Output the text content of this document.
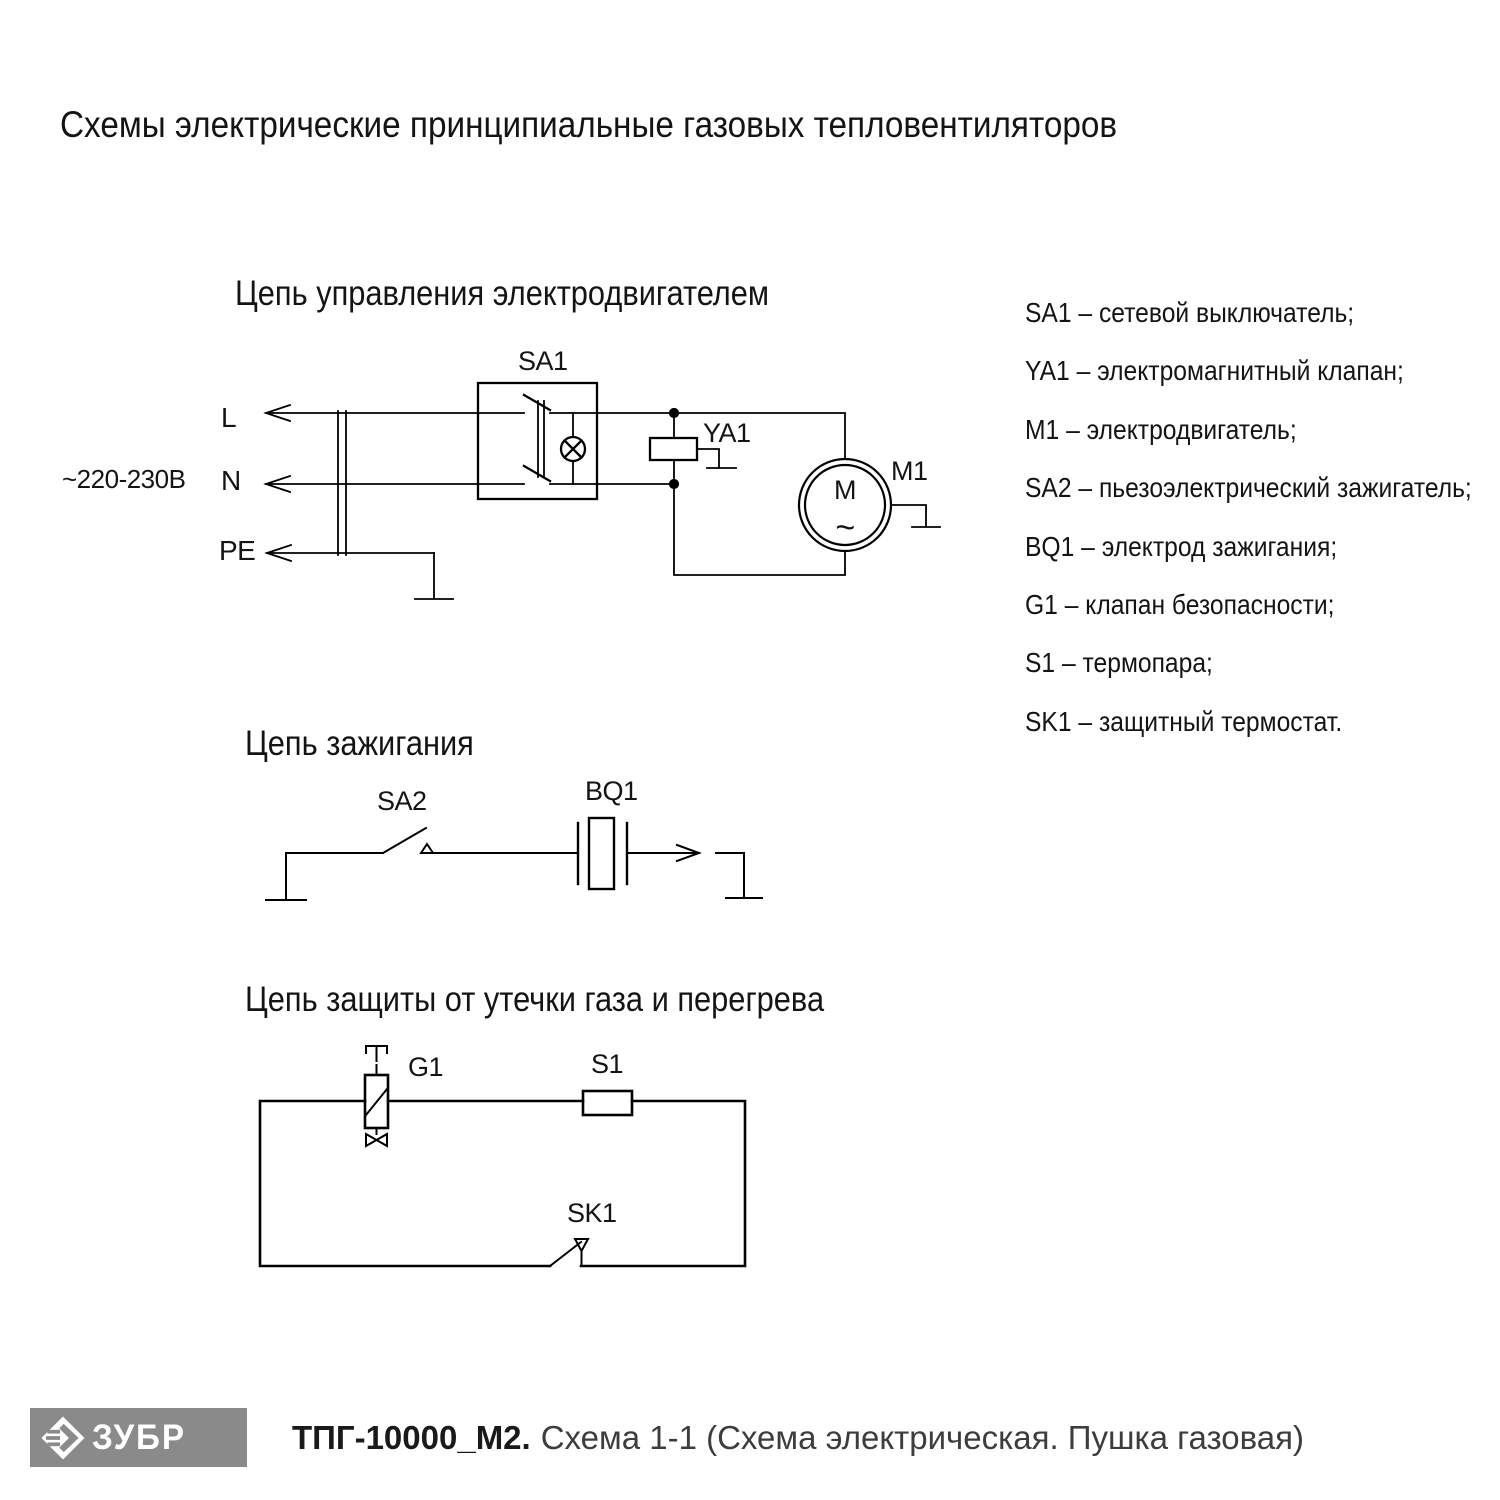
Схемы электрические принципиальные газовых тепловентиляторов
Цепь управления электродвигателем
Цепь зажигания
Цепь защиты от утечки газа и перегрева
~220-230В
L
N
PE
SA1
YA1
M1
M
~
SA2	BQ1
G1	S1
SK1
SA1 – сетевой выключатель;
YA1 – электромагнитный клапан;
M1 – электродвигатель;
SA2 – пьезоэлектрический зажигатель;
BQ1 – электрод зажигания;
G1 – клапан безопасности;
S1 – термопара;
SK1 – защитный термостат.
ЗУБР	ТПГ-10000_М2. Схема 1-1 (Схема электрическая. Пушка газовая)
